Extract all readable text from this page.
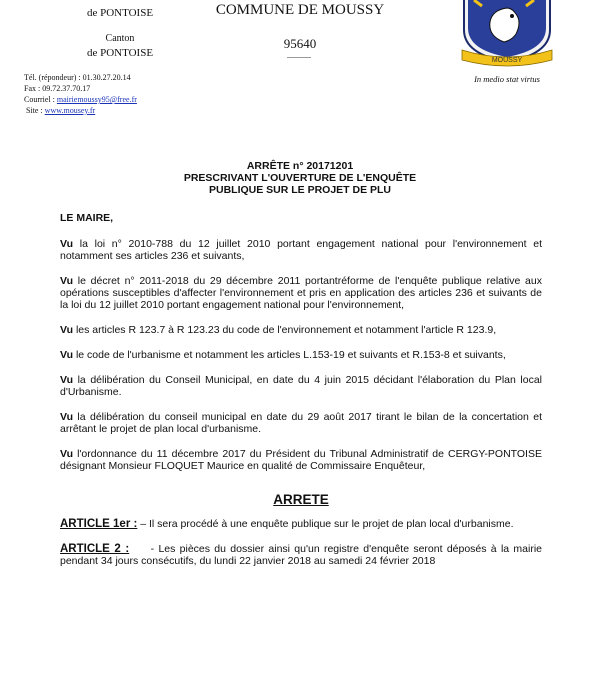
de PONTOISE
Canton
de PONTOISE
COMMUNE DE MOUSSY
95640
MOUSSY
In medio stat virtus
Tél. (répondeur) : 01.30.27.20.14
Fax : 09.72.37.70.17
Courriel : mairiemoussy95@free.fr
Site : www.mousey.fr
ARRÊTE n° 20171201
PRESCRIVANT L'OUVERTURE DE L'ENQUÊTE
PUBLIQUE SUR LE PROJET DE PLU

LE MAIRE,

Vu la loi n° 2010-788 du 12 juillet 2010 portant engagement national pour l'environnement et notamment ses articles 236 et suivants,

Vu le décret n° 2011-2018 du 29 décembre 2011 portantréforme de l'enquête publique relative aux opérations susceptibles d'affecter l'environnement et pris en application des articles 236 et suivants de la loi du 12 juillet 2010 portant engagement national pour l'environnement,

Vu les articles R 123.7 à R 123.23 du code de l'environnement et notamment l'article R 123.9,

Vu le code de l'urbanisme et notamment les articles L.153-19 et suivants et R.153-8 et suivants,

Vu la délibération du Conseil Municipal, en date du 4 juin 2015 décidant l'élaboration du Plan local d'Urbanisme.

Vu la délibération du conseil municipal en date du 29 août 2017 tirant le bilan de la concertation et arrêtant le projet de plan local d'urbanisme.

Vu l'ordonnance du 11 décembre 2017 du Président du Tribunal Administratif de CERGY-PONTOISE désignant Monsieur FLOQUET Maurice en qualité de Commissaire Enquêteur,

ARRETE

ARTICLE 1er : – Il sera procédé à une enquête publique sur le projet de plan local d'urbanisme.

ARTICLE 2 :     - Les pièces du dossier ainsi qu'un registre d'enquête seront déposés à la mairie pendant 34 jours consécutifs, du lundi 22 janvier 2018 au samedi 24 février 2018
